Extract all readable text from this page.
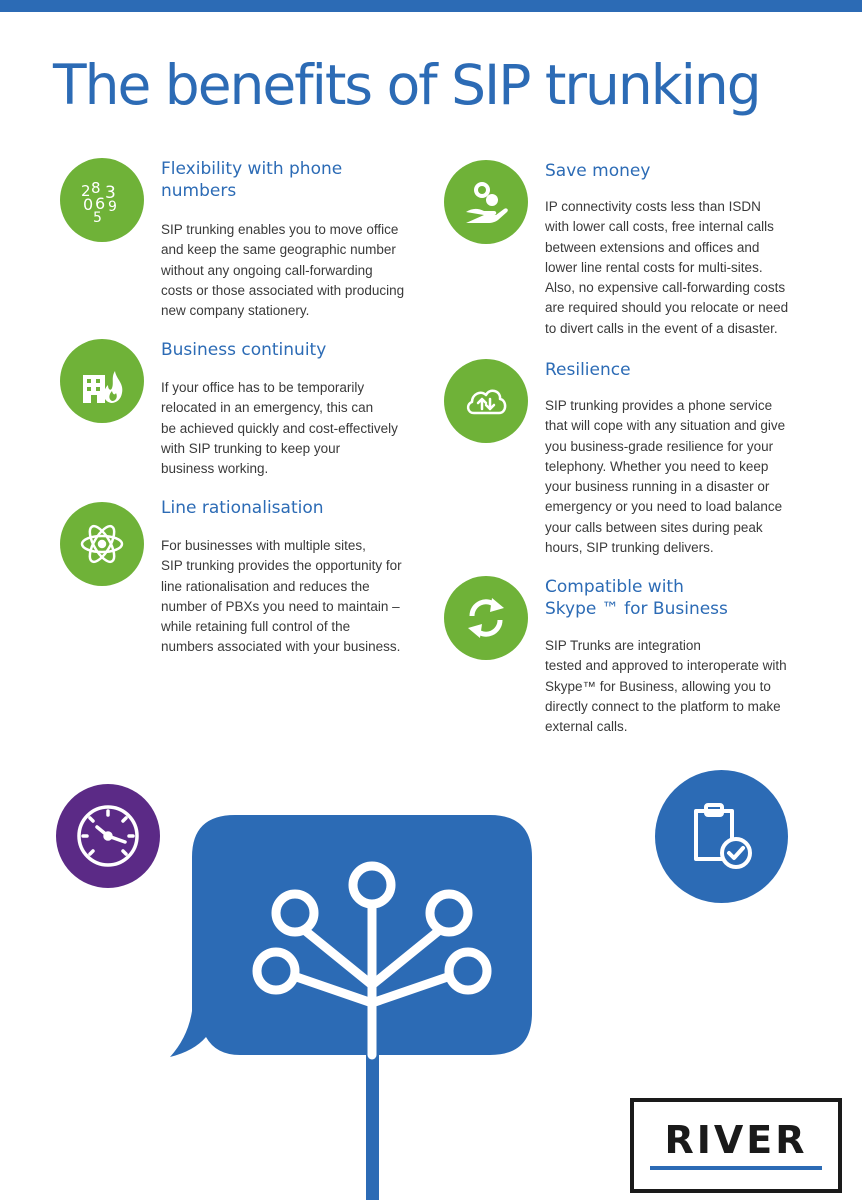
The benefits of SIP trunking
2 8 3
0 6 9
5
Flexibility with phone
numbers

SIP trunking enables you to move office
and keep the same geographic number
without any ongoing call-forwarding
costs or those associated with producing
new company stationery.

Business continuity

If your office has to be temporarily
relocated in an emergency, this can
be achieved quickly and cost-effectively
with SIP trunking to keep your
business working.

Line rationalisation

For businesses with multiple sites,
SIP trunking provides the opportunity for
line rationalisation and reduces the
number of PBXs you need to maintain –
while retaining full control of the
numbers associated with your business.

Save money

IP connectivity costs less than ISDN
with lower call costs, free internal calls
between extensions and offices and
lower line rental costs for multi-sites.
Also, no expensive call-forwarding costs
are required should you relocate or need
to divert calls in the event of a disaster.

Resilience

SIP trunking provides a phone service
that will cope with any situation and give
you business-grade resilience for your
telephony. Whether you need to keep
your business running in a disaster or
emergency or you need to load balance
your calls between sites during peak
hours, SIP trunking delivers.

Compatible with
Skype ™ for Business

SIP Trunks are integration
tested and approved to interoperate with
Skype™ for Business, allowing you to
directly connect to the platform to make
external calls.

RIVER
